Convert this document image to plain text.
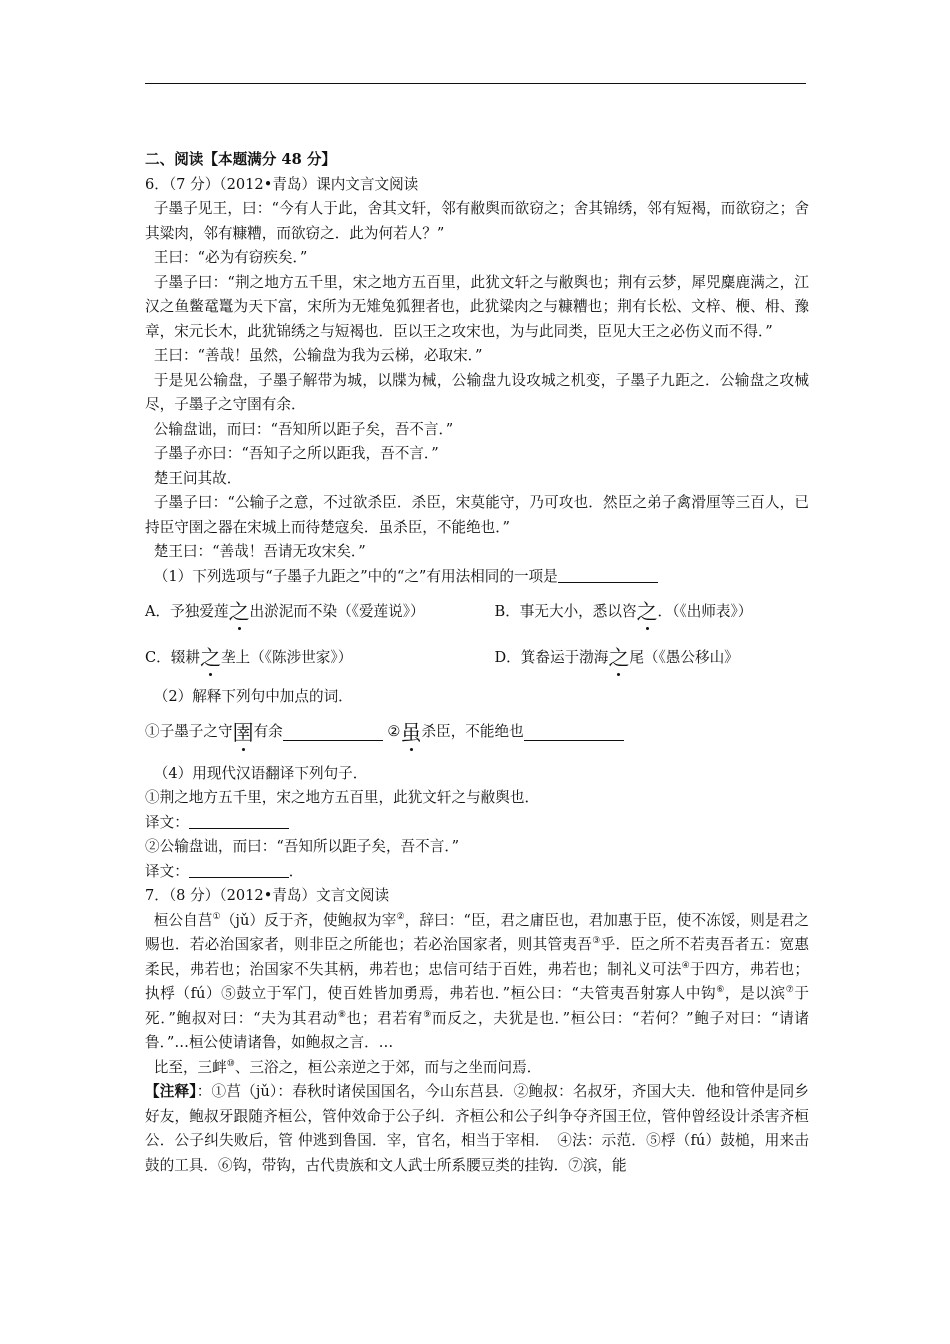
二、阅读【本题满分 48 分】

6．（7 分）（2012•青岛）课内文言文阅读

子墨子见王，曰：“今有人于此，舍其文轩，邻有敝舆而欲窃之；舍其锦绣，邻有短褐，而欲窃之；舍其粱肉，邻有糠糟，而欲窃之．此为何若人？”

王曰：“必为有窃疾矣．”

子墨子曰：“荆之地方五千里，宋之地方五百里，此犹文轩之与敝舆也；荆有云梦，犀兕麋鹿满之，江汉之鱼鳖鼋鼍为天下富，宋所为无雉兔狐狸者也，此犹粱肉之与糠糟也；荆有长松、文梓、楩、枏、豫章，宋元长木，此犹锦绣之与短褐也．臣以王之攻宋也，为与此同类，臣见大王之必伤义而不得．”

王曰：“善哉！虽然，公输盘为我为云梯，必取宋．”

于是见公输盘，子墨子解带为城，以牒为械，公输盘九设攻城之机变，子墨子九距之．公输盘之攻械尽，子墨子之守圉有余．

公输盘诎，而曰：“吾知所以距子矣，吾不言．”

子墨子亦曰：“吾知子之所以距我，吾不言．”

楚王问其故．

子墨子曰：“公输子之意，不过欲杀臣．杀臣，宋莫能守，乃可攻也．然臣之弟子禽滑厘等三百人，已持臣守圉之器在宋城上而待楚寇矣．虽杀臣，不能绝也．”

楚王曰：“善哉！吾请无攻宋矣．”

（1）下列选项与“子墨子九距之”中的“之”有用法相同的一项是

A．予独爱莲之出淤泥而不染（《爱莲说》）	B．事无大小，悉以咨之．（《出师表》）
C．辍耕之垄上（《陈涉世家》）	D．箕畚运于渤海之尾（《愚公移山》

（2）解释下列句中加点的词．

①子墨子之守 圉 有余
	② 虽 杀臣，不能绝也

（4）用现代汉语翻译下列句子．

①荆之地方五千里，宋之地方五百里，此犹文轩之与敝舆也．

译文：

②公输盘诎，而曰：“吾知所以距子矣，吾不言．”

译文：	．

7．（8 分）（2012•青岛）文言文阅读

桓公自莒①（jǔ）反于齐，使鲍叔为宰②，辞曰：“臣，君之庸臣也，君加惠于臣，使不冻馁，则是君之赐也．若必治国家者，则非臣之所能也；若必治国家者，则其管夷吾③乎．臣之所不若夷吾者五：宽惠柔民，弗若也；治国家不失其柄，弗若也；忠信可结于百姓，弗若也；制礼义可法④于四方，弗若也；执桴（fú）⑤鼓立于军门，使百姓皆加勇焉，弗若也．”桓公曰：“夫管夷吾射寡人中钩⑥，是以滨⑦于死．”鲍叔对曰：“夫为其君动⑧也；君若宥⑨而反之，夫犹是也．”桓公曰：“若何？”鲍子对曰：“请诸鲁．”…桓公使请诸鲁，如鲍叔之言．…

比至，三衅⑩、三浴之，桓公亲逆之于郊，而与之坐而问焉．

【注释】：①莒（jǔ）：春秋时诸侯国国名，今山东莒县．②鲍叔：名叔牙，齐国大夫．他和管仲是同乡好友，鲍叔牙跟随齐桓公，管仲效命于公子纠．齐桓公和公子纠争夺齐国王位，管仲曾经设计杀害齐桓公．公子纠失败后，管 仲逃到鲁国．宰，官名，相当于宰相．　④法：示范．⑤桴（fú）鼓槌，用来击鼓的工具．⑥钩，带钩，古代贵族和文人武士所系腰豆类的挂钩．⑦滨，能
